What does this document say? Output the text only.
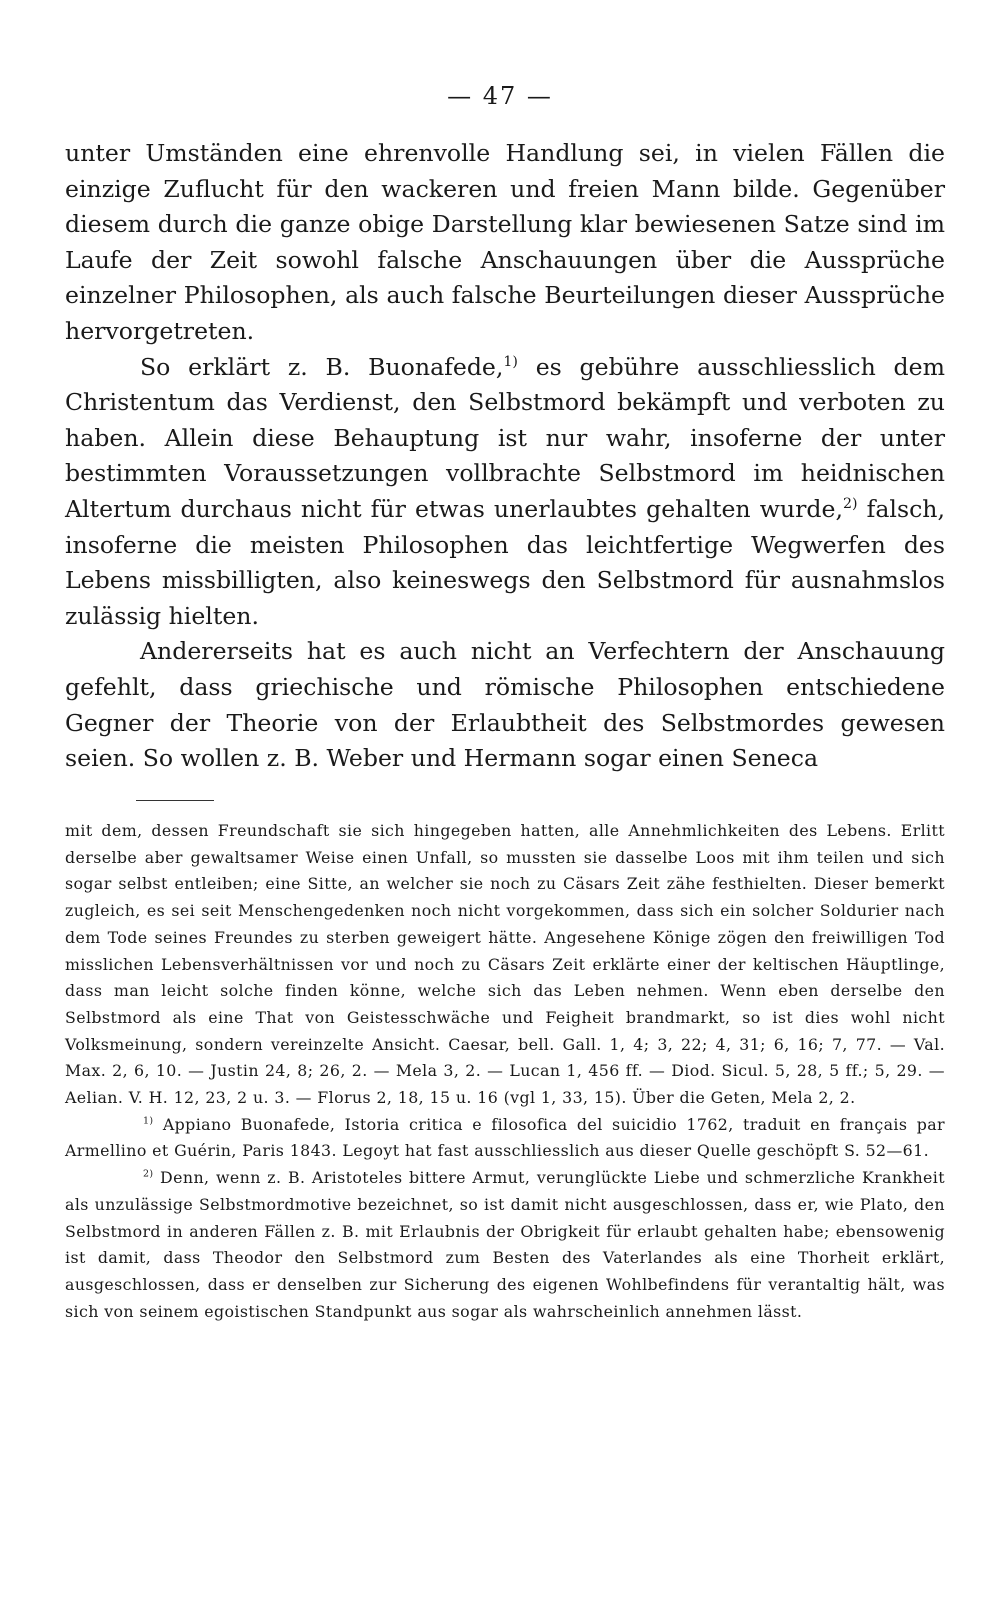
— 47 —

unter Umständen eine ehrenvolle Handlung sei, in vielen Fällen die einzige Zuflucht für den wackeren und freien Mann bilde. Gegenüber diesem durch die ganze obige Darstellung klar bewiesenen Satze sind im Laufe der Zeit sowohl falsche Anschauungen über die Aussprüche einzelner Philosophen, als auch falsche Beurteilungen dieser Aussprüche hervorgetreten.

So erklärt z. B. Buonafede,$^{1)}$ es gebühre ausschliesslich dem Christentum das Verdienst, den Selbstmord bekämpft und verboten zu haben. Allein diese Behauptung ist nur wahr, insoferne der unter bestimmten Voraussetzungen vollbrachte Selbstmord im heidnischen Altertum durchaus nicht für etwas unerlaubtes gehalten wurde,$^{2)}$ falsch, insoferne die meisten Philosophen das leichtfertige Wegwerfen des Lebens missbilligten, also keineswegs den Selbstmord für ausnahmslos zulässig hielten.

Andererseits hat es auch nicht an Verfechtern der Anschauung gefehlt, dass griechische und römische Philosophen entschiedene Gegner der Theorie von der Erlaubtheit des Selbstmordes gewesen seien. So wollen z. B. Weber und Hermann sogar einen Seneca

mit dem, dessen Freundschaft sie sich hingegeben hatten, alle Annehmlichkeiten des Lebens. Erlitt derselbe aber gewaltsamer Weise einen Unfall, so mussten sie dasselbe Loos mit ihm teilen und sich sogar selbst entleiben; eine Sitte, an welcher sie noch zu Cäsars Zeit zähe festhielten. Dieser bemerkt zugleich, es sei seit Menschengedenken noch nicht vorgekommen, dass sich ein solcher Soldurier nach dem Tode seines Freundes zu sterben geweigert hätte. Angesehene Könige zögen den freiwilligen Tod misslichen Lebensverhältnissen vor und noch zu Cäsars Zeit erklärte einer der keltischen Häuptlinge, dass man leicht solche finden könne, welche sich das Leben nehmen. Wenn eben derselbe den Selbstmord als eine That von Geistesschwäche und Feigheit brandmarkt, so ist dies wohl nicht Volksmeinung, sondern vereinzelte Ansicht. Caesar, bell. Gall. 1, 4; 3, 22; 4, 31; 6, 16; 7, 77. — Val. Max. 2, 6, 10. — Justin 24, 8; 26, 2. — Mela 3, 2. — Lucan 1, 456 ff. — Diod. Sicul. 5, 28, 5 ff.; 5, 29. — Aelian. V. H. 12, 23, 2 u. 3. — Florus 2, 18, 15 u. 16 (vgl 1, 33, 15). Über die Geten, Mela 2, 2.

$^{1)}$ Appiano Buonafede, Istoria critica e filosofica del suicidio 1762, traduit en français par Armellino et Guérin, Paris 1843. Legoyt hat fast ausschliesslich aus dieser Quelle geschöpft S. 52—61.

$^{2)}$ Denn, wenn z. B. Aristoteles bittere Armut, verunglückte Liebe und schmerzliche Krankheit als unzulässige Selbstmordmotive bezeichnet, so ist damit nicht ausgeschlossen, dass er, wie Plato, den Selbstmord in anderen Fällen z. B. mit Erlaubnis der Obrigkeit für erlaubt gehalten habe; ebensowenig ist damit, dass Theodor den Selbstmord zum Besten des Vaterlandes als eine Thorheit erklärt, ausgeschlossen, dass er denselben zur Sicherung des eigenen Wohlbefindens für verantaltig hält, was sich von seinem egoistischen Standpunkt aus sogar als wahrscheinlich annehmen lässt.
